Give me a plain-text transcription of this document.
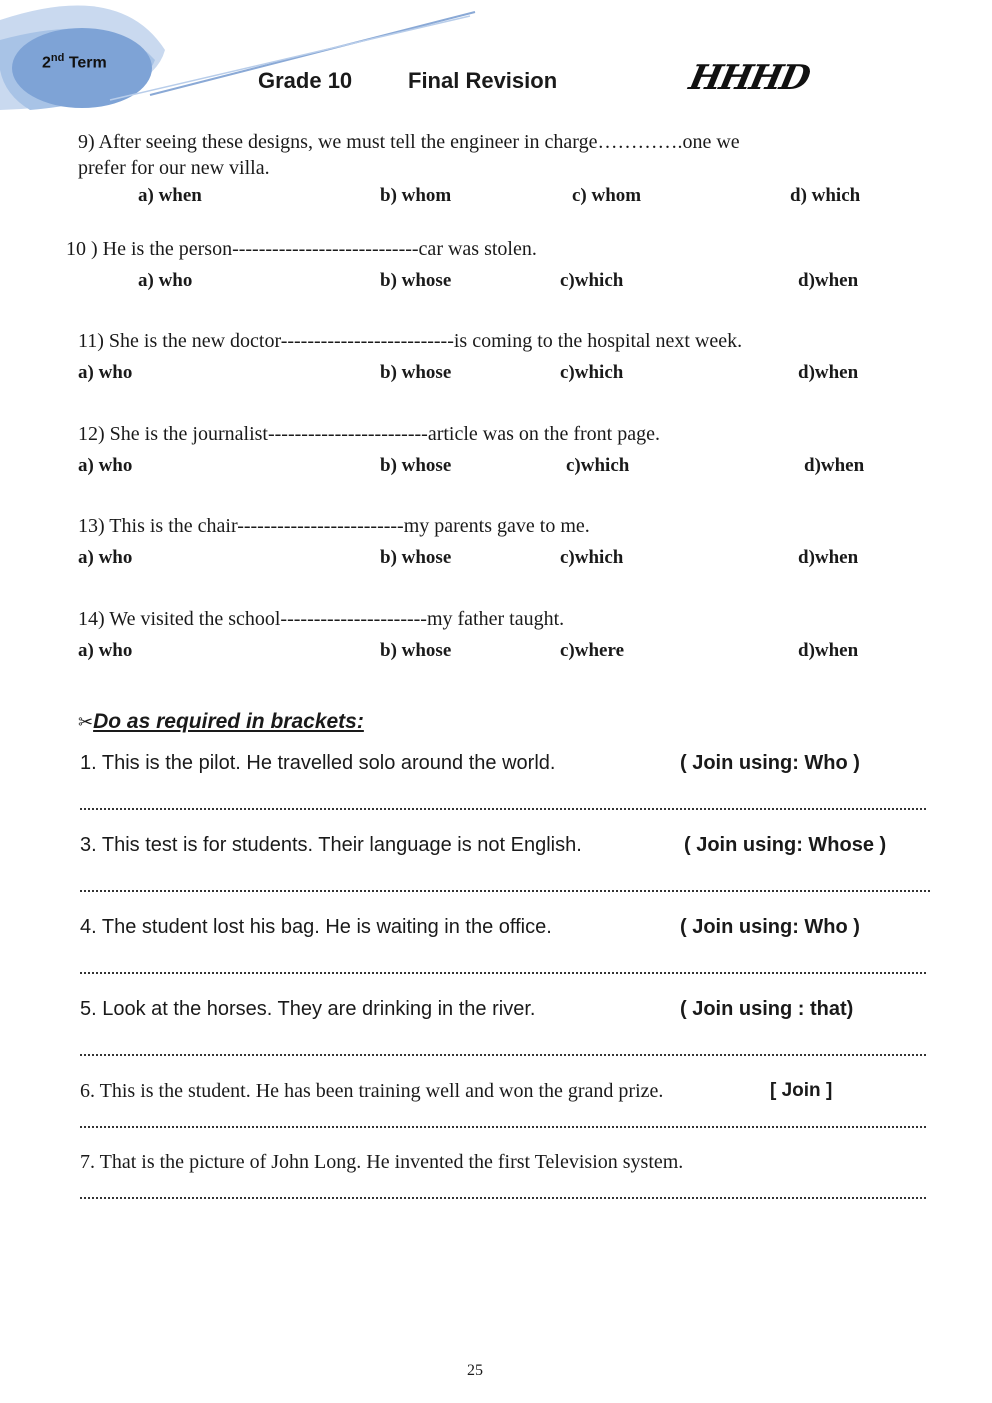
2nd Term
Grade 10	Final Revision	HHHD
9) After seeing these designs, we must tell the engineer in charge………….one we
prefer for our new villa.
a) when	b) whom	c) whom	d) which
10 ) He is the person----------------------------car was stolen.
a) who	b) whose	c)which	d)when
11) She is the new doctor--------------------------is coming to the hospital next week.
a) who	b) whose	c)which	d)when
12) She is the journalist------------------------article was on the front page.
a) who	b) whose	c)which	d)when
13) This is the chair-------------------------my parents gave to me.
a) who	b) whose	c)which	d)when
14) We visited the school----------------------my father taught.
a) who	b) whose	c)where	d)when
✂Do as required in brackets:
1. This is the pilot. He travelled solo around the world.	( Join using: Who )
3. This test is for students. Their language is not English.	( Join using: Whose )
4. The student lost his bag. He is waiting in the office.	( Join using: Who )
5. Look at the horses. They are drinking in the river.	( Join using : that)
6. This is the student. He has been training well and won the grand prize.	[ Join ]
7. That is the picture of John Long. He invented the first Television system.
25
